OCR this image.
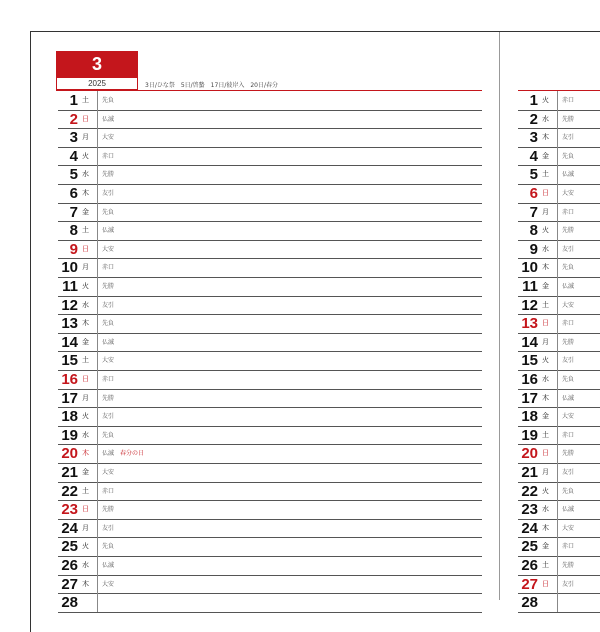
3
2025	3日/ひな祭　5日/啓蟄　17日/彼岸入　20日/春分
1 土 先負
2 日 仏滅
3 月 大安
4 火 赤口
5 水 先勝
6 木 友引
7 金 先負
8 土 仏滅
9 日 大安
10 月 赤口
11 火 先勝
12 水 友引
13 木 先負
14 金 仏滅
15 土 大安
16 日 赤口
17 月 先勝
18 火 友引
19 水 先負
20 木 仏滅 春分の日
21 金 大安
22 土 赤口
23 日 先勝
24 月 友引
25 火 先負
26 水 仏滅
27 木 大安
28
1 火 赤口
2 水 先勝
3 木 友引
4 金 先負
5 土 仏滅
6 日 大安
7 月 赤口
8 火 先勝
9 水 友引
10 木 先負
11 金 仏滅
12 土 大安
13 日 赤口
14 月 先勝
15 火 友引
16 水 先負
17 木 仏滅
18 金 大安
19 土 赤口
20 日 先勝
21 月 友引
22 火 先負
23 水 仏滅
24 木 大安
25 金 赤口
26 土 先勝
27 日 友引
28
